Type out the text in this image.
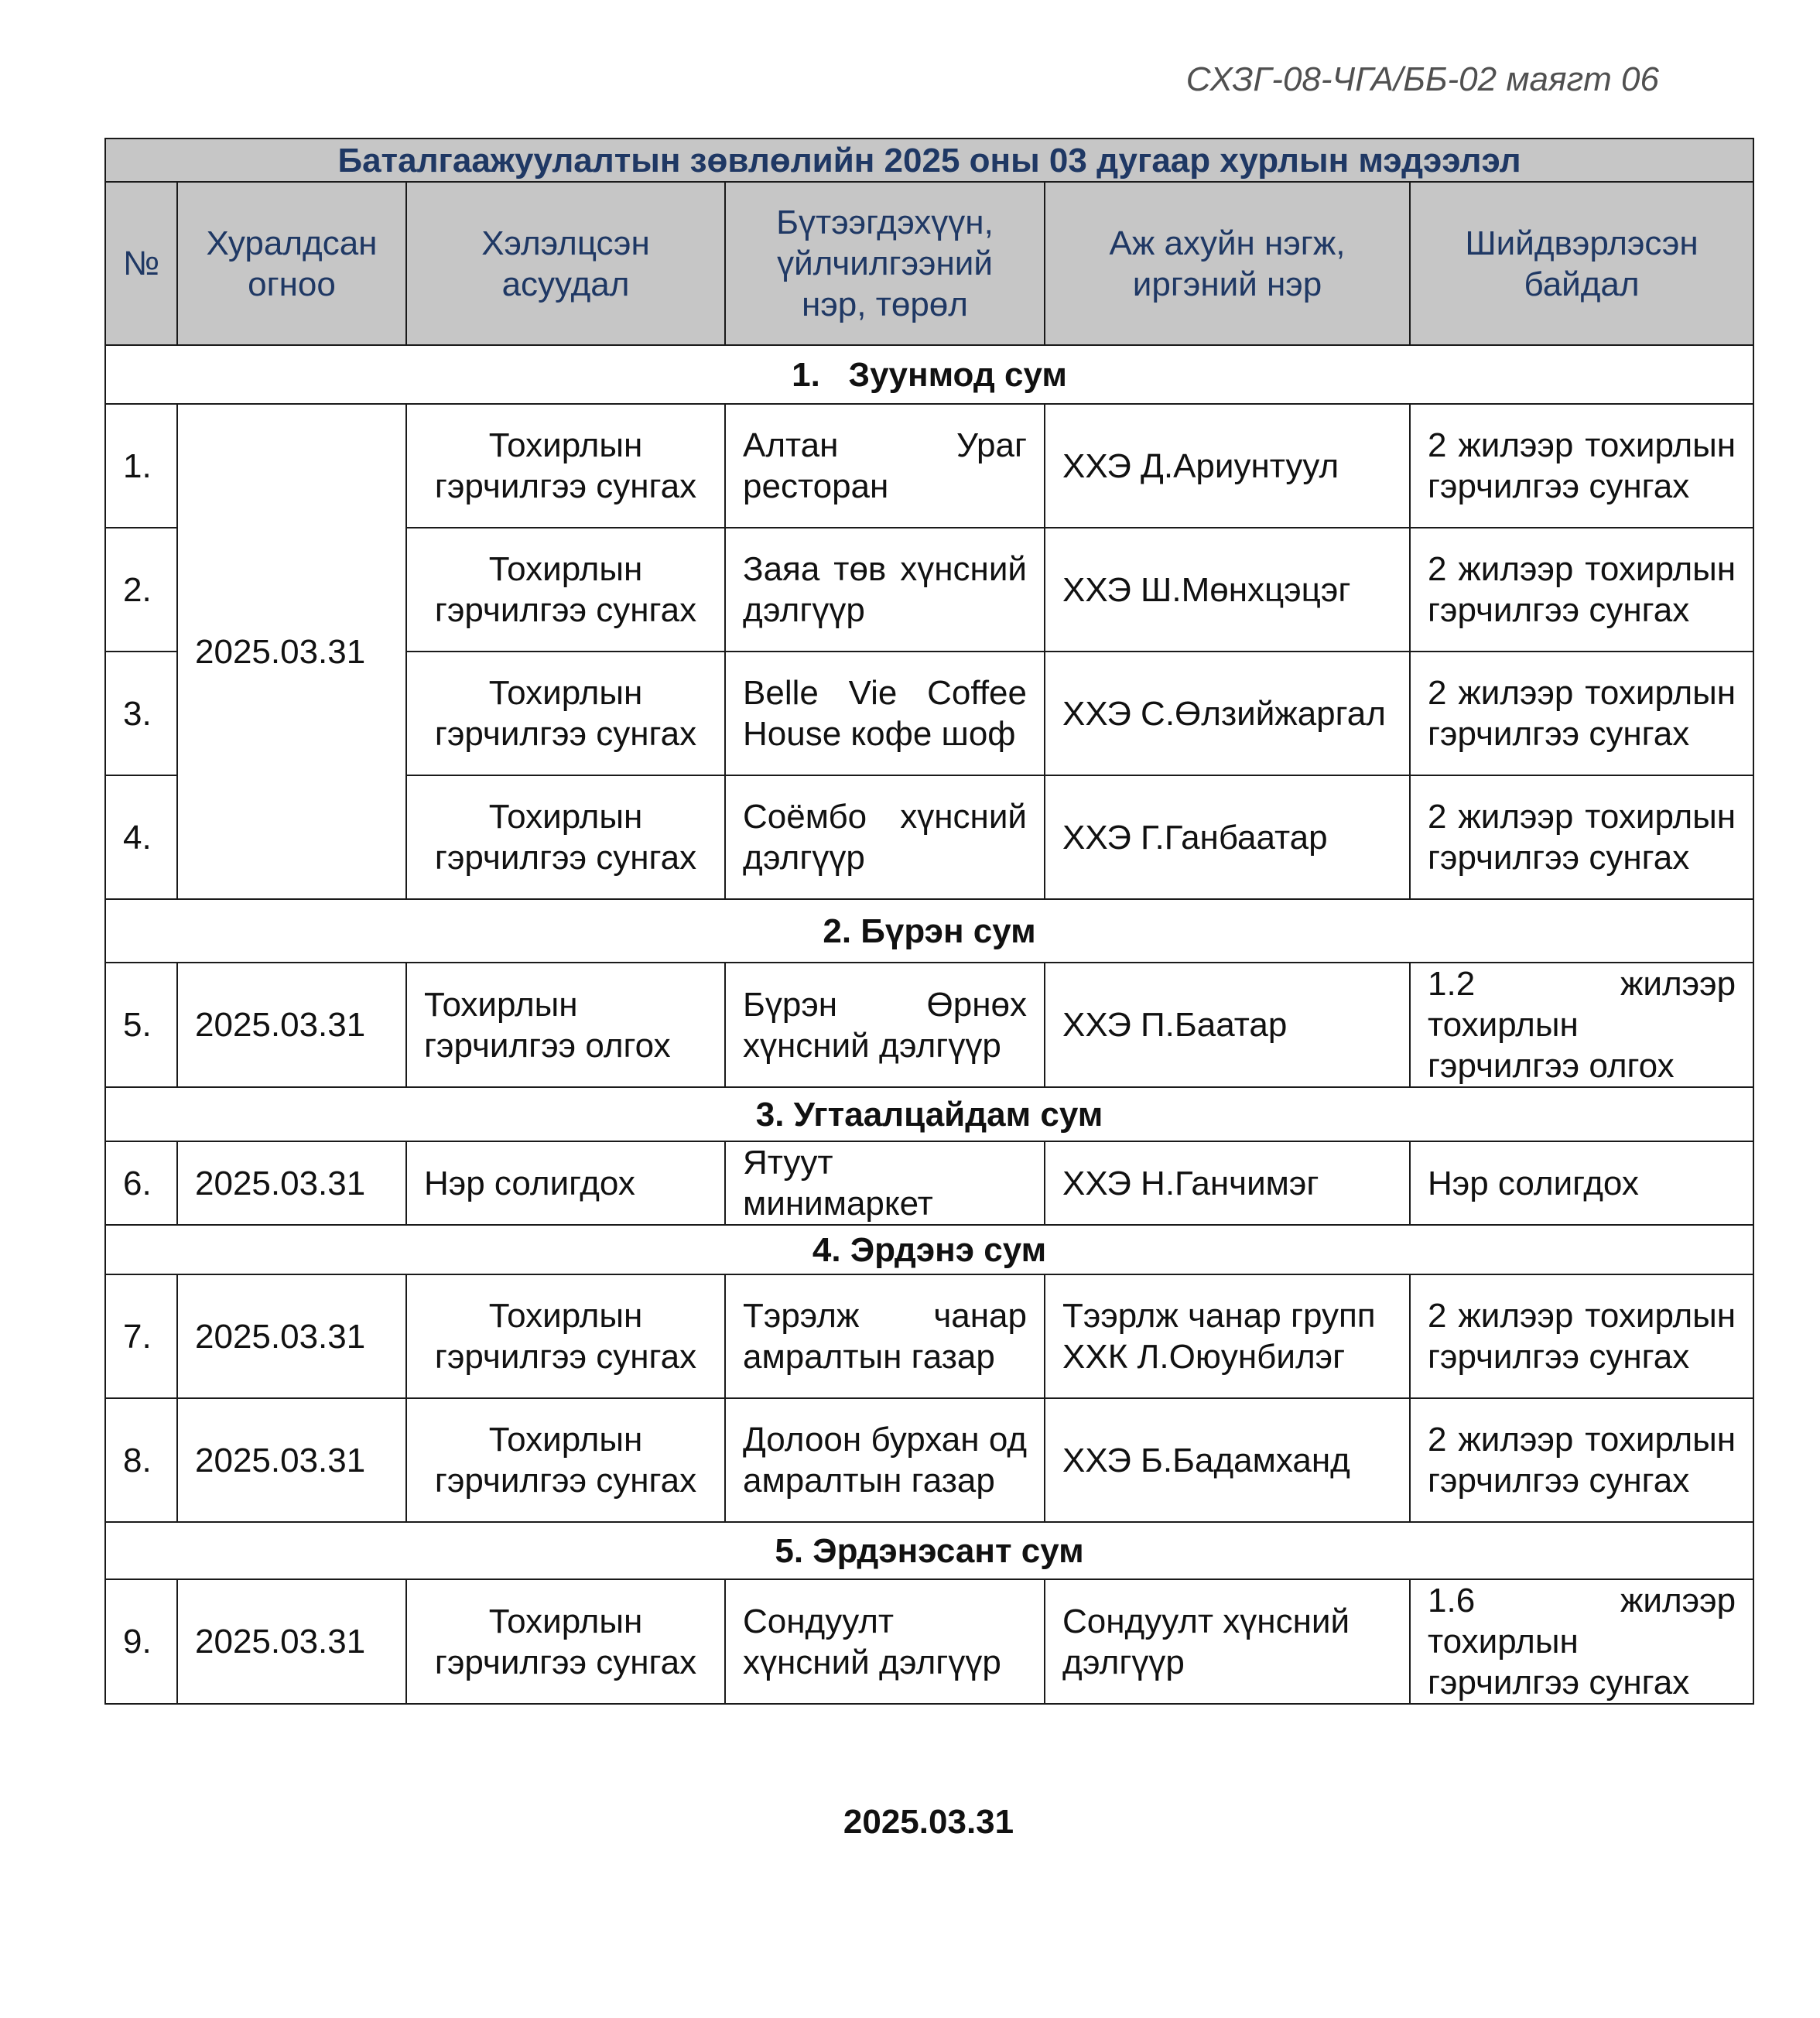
СХЗГ-08-ЧГА/ББ-02 маягт 06
Баталгаажуулалтын зөвлөлийн 2025 оны 03 дугаар хурлын мэдээлэл					
№	Хуралдсан огноо	Хэлэлцсэн асуудал	Бүтээгдэхүүн, үйлчилгээний нэр, төрөл	Аж ахуйн нэгж, иргэний нэр	Шийдвэрлэсэн байдал
1.   Зуунмод сум					
1.	2025.03.31	Тохирлын гэрчилгээ сунгах	Алтан Ураг ресторан	ХХЭ Д.Ариунтуул	2 жилээр тохирлын гэрчилгээ сунгах
2.		Тохирлын гэрчилгээ сунгах	Заяа төв хүнсний дэлгүүр	ХХЭ Ш.Мөнхцэцэг	2 жилээр тохирлын гэрчилгээ сунгах
3.		Тохирлын гэрчилгээ сунгах	Belle Vie Coffee House кофе шоф	ХХЭ С.Өлзийжаргал	2 жилээр тохирлын гэрчилгээ сунгах
4.		Тохирлын гэрчилгээ сунгах	Соёмбо хүнсний дэлгүүр	ХХЭ Г.Ганбаатар	2 жилээр тохирлын гэрчилгээ сунгах
2. Бүрэн сум					
5.	2025.03.31	Тохирлын гэрчилгээ олгох	Бүрэн Өрнөх хүнсний дэлгүүр	ХХЭ П.Баатар	1.2 жилээр тохирлын гэрчилгээ олгох
3. Угтаалцайдам сум					
6.	2025.03.31	Нэр солигдох	Ятуут минимаркет	ХХЭ Н.Ганчимэг	Нэр солигдох
4. Эрдэнэ сум					
7.	2025.03.31	Тохирлын гэрчилгээ сунгах	Тэрэлж чанар амралтын газар	Тээрлж чанар групп ХХК Л.Оюунбилэг	2 жилээр тохирлын гэрчилгээ сунгах
8.	2025.03.31	Тохирлын гэрчилгээ сунгах	Долоон бурхан од амралтын газар	ХХЭ Б.Бадамханд	2 жилээр тохирлын гэрчилгээ сунгах
5. Эрдэнэсант сум					
9.	2025.03.31	Тохирлын гэрчилгээ сунгах	Сондуулт хүнсний дэлгүүр	Сондуулт хүнсний дэлгүүр	1.6 жилээр тохирлын гэрчилгээ сунгах
2025.03.31
